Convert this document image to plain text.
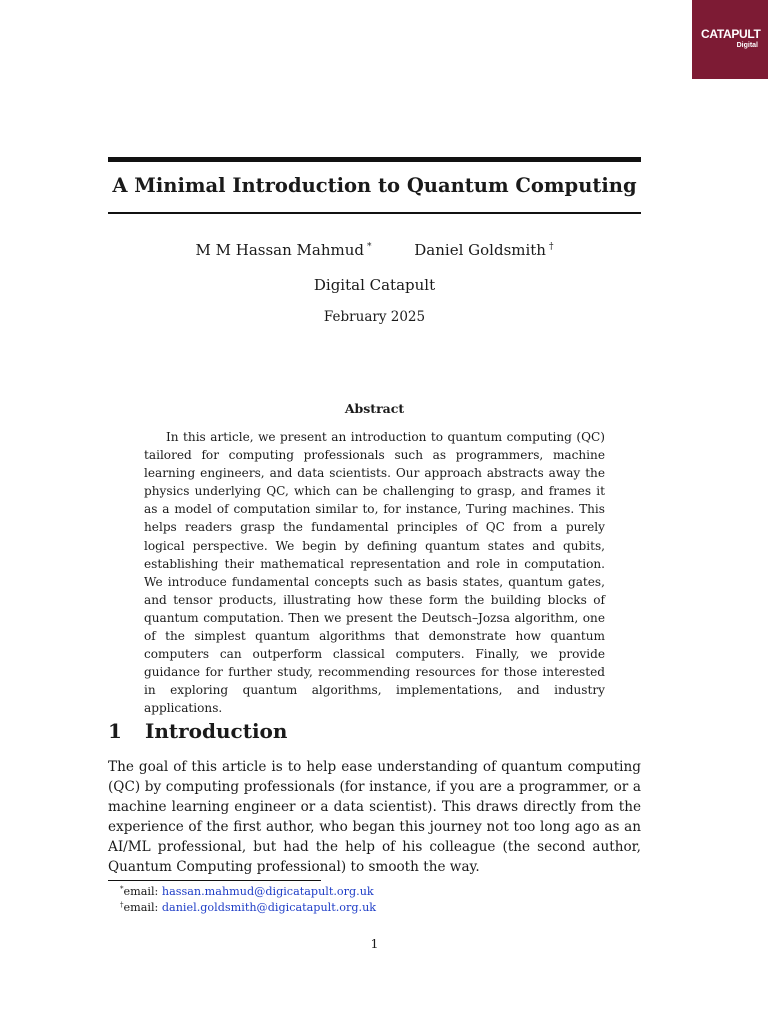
CATAPULT
Digital
A Minimal Introduction to Quantum Computing
M M Hassan Mahmud *	Daniel Goldsmith †
Digital Catapult
February 2025
Abstract

In this article, we present an introduction to quantum computing (QC) tailored for computing professionals such as programmers, machine learning engineers, and data scientists. Our approach abstracts away the physics underlying QC, which can be challenging to grasp, and frames it as a model of computation similar to, for instance, Turing machines. This helps readers grasp the fundamental principles of QC from a purely logical perspective. We begin by defining quantum states and qubits, establishing their mathematical representation and role in computation. We introduce fundamental concepts such as basis states, quantum gates, and tensor products, illustrating how these form the building blocks of quantum computation. Then we present the Deutsch–Jozsa algorithm, one of the simplest quantum algorithms that demonstrate how quantum computers can outperform classical computers. Finally, we provide guidance for further study, recommending resources for those interested in exploring quantum algorithms, implementations, and industry applications.

1 Introduction

The goal of this article is to help ease understanding of quantum computing (QC) by computing professionals (for instance, if you are a programmer, or a machine learning engineer or a data scientist). This draws directly from the experience of the first author, who began this journey not too long ago as an AI/ML professional, but had the help of his colleague (the second author, Quantum Computing professional) to smooth the way.

*email: hassan.mahmud@digicatapult.org.uk
†email: daniel.goldsmith@digicatapult.org.uk
1
